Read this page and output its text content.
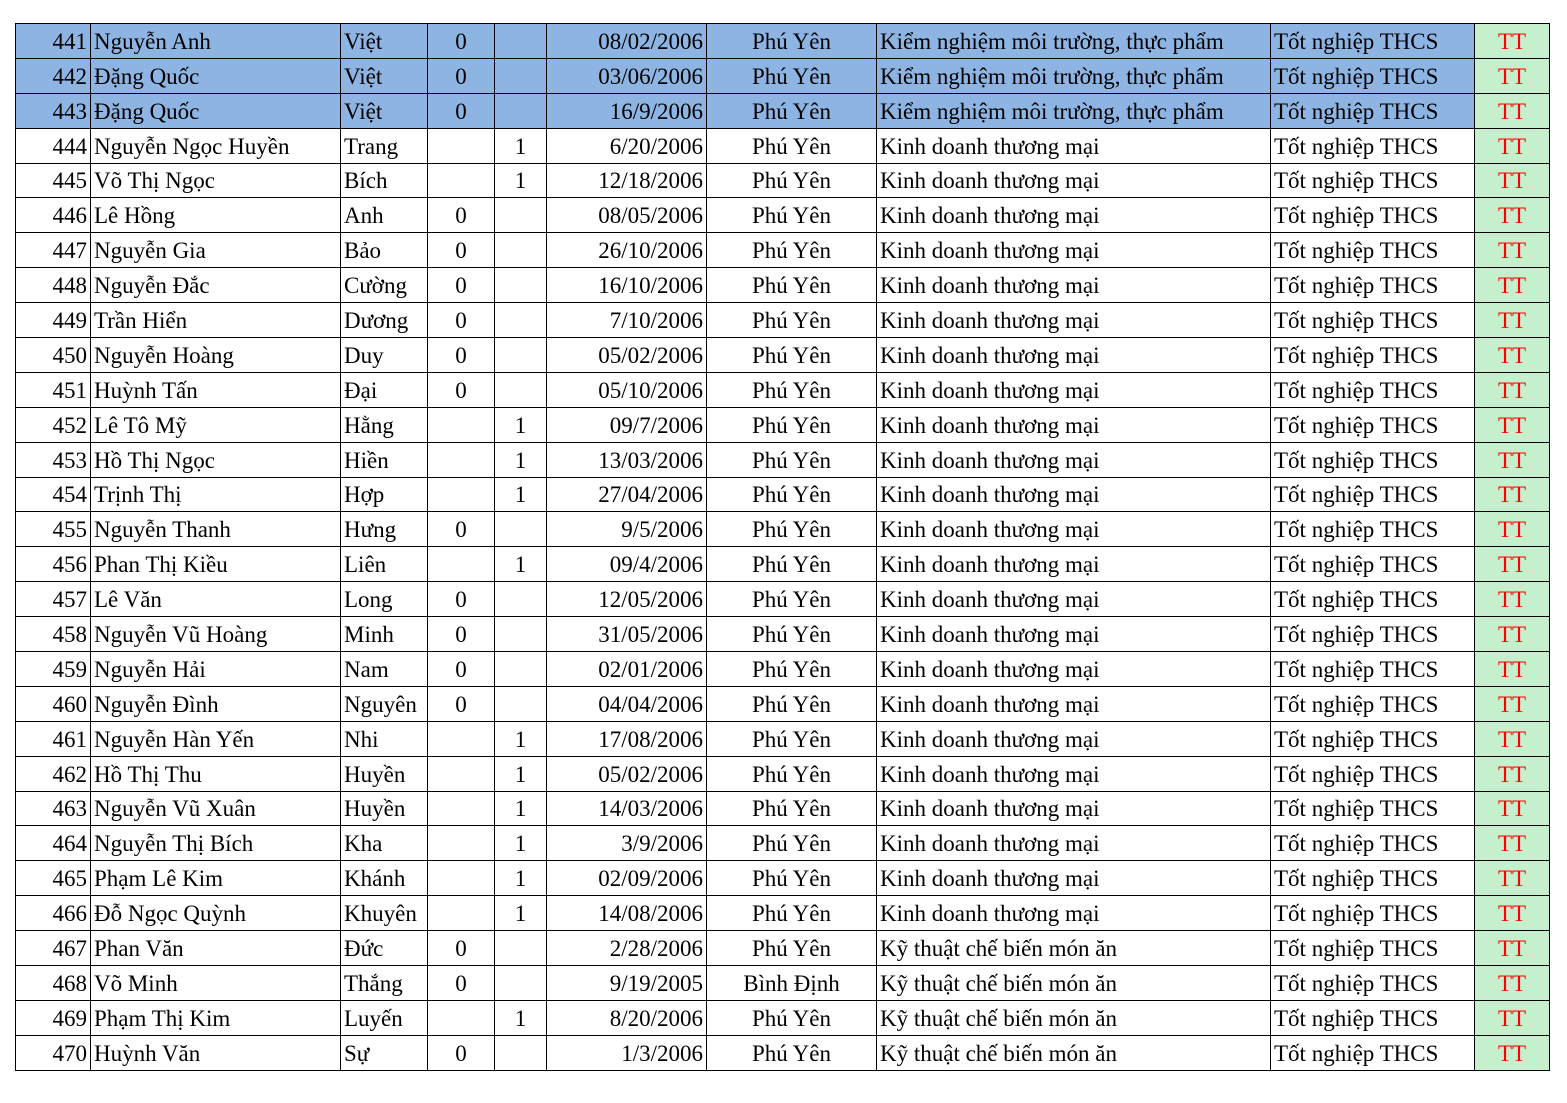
441	Nguyễn Anh	Việt	0		08/02/2006	Phú Yên	Kiểm nghiệm môi trường, thực phẩm	Tốt nghiệp THCS	TT
442	Đặng Quốc	Việt	0		03/06/2006	Phú Yên	Kiểm nghiệm môi trường, thực phẩm	Tốt nghiệp THCS	TT
443	Đặng Quốc	Việt	0		16/9/2006	Phú Yên	Kiểm nghiệm môi trường, thực phẩm	Tốt nghiệp THCS	TT
444	Nguyễn Ngọc Huyền	Trang		1	6/20/2006	Phú Yên	Kinh doanh thương mại	Tốt nghiệp THCS	TT
445	Võ Thị Ngọc	Bích		1	12/18/2006	Phú Yên	Kinh doanh thương mại	Tốt nghiệp THCS	TT
446	Lê Hồng	Anh	0		08/05/2006	Phú Yên	Kinh doanh thương mại	Tốt nghiệp THCS	TT
447	Nguyễn Gia	Bảo	0		26/10/2006	Phú Yên	Kinh doanh thương mại	Tốt nghiệp THCS	TT
448	Nguyễn Đắc	Cường	0		16/10/2006	Phú Yên	Kinh doanh thương mại	Tốt nghiệp THCS	TT
449	Trần Hiển	Dương	0		7/10/2006	Phú Yên	Kinh doanh thương mại	Tốt nghiệp THCS	TT
450	Nguyễn Hoàng	Duy	0		05/02/2006	Phú Yên	Kinh doanh thương mại	Tốt nghiệp THCS	TT
451	Huỳnh Tấn	Đại	0		05/10/2006	Phú Yên	Kinh doanh thương mại	Tốt nghiệp THCS	TT
452	Lê Tô Mỹ	Hằng		1	09/7/2006	Phú Yên	Kinh doanh thương mại	Tốt nghiệp THCS	TT
453	Hồ Thị Ngọc	Hiền		1	13/03/2006	Phú Yên	Kinh doanh thương mại	Tốt nghiệp THCS	TT
454	Trịnh Thị	Hợp		1	27/04/2006	Phú Yên	Kinh doanh thương mại	Tốt nghiệp THCS	TT
455	Nguyễn Thanh	Hưng	0		9/5/2006	Phú Yên	Kinh doanh thương mại	Tốt nghiệp THCS	TT
456	Phan Thị Kiều	Liên		1	09/4/2006	Phú Yên	Kinh doanh thương mại	Tốt nghiệp THCS	TT
457	Lê Văn	Long	0		12/05/2006	Phú Yên	Kinh doanh thương mại	Tốt nghiệp THCS	TT
458	Nguyễn Vũ Hoàng	Minh	0		31/05/2006	Phú Yên	Kinh doanh thương mại	Tốt nghiệp THCS	TT
459	Nguyễn Hải	Nam	0		02/01/2006	Phú Yên	Kinh doanh thương mại	Tốt nghiệp THCS	TT
460	Nguyễn Đình	Nguyên	0		04/04/2006	Phú Yên	Kinh doanh thương mại	Tốt nghiệp THCS	TT
461	Nguyễn Hàn Yến	Nhi		1	17/08/2006	Phú Yên	Kinh doanh thương mại	Tốt nghiệp THCS	TT
462	Hồ Thị Thu	Huyền		1	05/02/2006	Phú Yên	Kinh doanh thương mại	Tốt nghiệp THCS	TT
463	Nguyễn Vũ Xuân	Huyền		1	14/03/2006	Phú Yên	Kinh doanh thương mại	Tốt nghiệp THCS	TT
464	Nguyễn Thị Bích	Kha		1	3/9/2006	Phú Yên	Kinh doanh thương mại	Tốt nghiệp THCS	TT
465	Phạm Lê Kim	Khánh		1	02/09/2006	Phú Yên	Kinh doanh thương mại	Tốt nghiệp THCS	TT
466	Đỗ Ngọc Quỳnh	Khuyên		1	14/08/2006	Phú Yên	Kinh doanh thương mại	Tốt nghiệp THCS	TT
467	Phan Văn	Đức	0		2/28/2006	Phú Yên	Kỹ thuật chế biến món ăn	Tốt nghiệp THCS	TT
468	Võ Minh	Thắng	0		9/19/2005	Bình Định	Kỹ thuật chế biến món ăn	Tốt nghiệp THCS	TT
469	Phạm Thị Kim	Luyến		1	8/20/2006	Phú Yên	Kỹ thuật chế biến món ăn	Tốt nghiệp THCS	TT
470	Huỳnh Văn	Sự	0		1/3/2006	Phú Yên	Kỹ thuật chế biến món ăn	Tốt nghiệp THCS	TT
